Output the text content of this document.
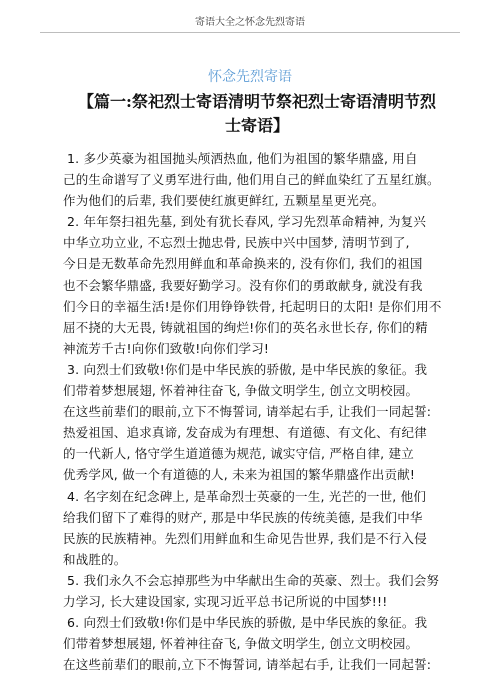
寄语大全之怀念先烈寄语
怀念先烈寄语
【篇一:祭祀烈士寄语清明节祭祀烈士寄语清明节烈
士寄语】
1. 多少英豪为祖国抛头颅洒热血, 他们为祖国的繁华鼎盛, 用自
己的生命谱写了义勇军进行曲, 他们用自己的鲜血染红了五星红旗。
作为他们的后辈, 我们要使红旗更鲜红, 五颗星星更光亮。
2. 年年祭扫祖先墓, 到处有犹长春风, 学习先烈革命精神, 为复兴
中华立功立业, 不忘烈士抛忠骨, 民族中兴中国梦, 清明节到了,
今日是无数革命先烈用鲜血和革命换来的, 没有你们, 我们的祖国
也不会繁华鼎盛, 我要好勤学习。没有你们的勇敢献身, 就没有我
们今日的幸福生活!是你们用铮铮铁骨, 托起明日的太阳! 是你们用不
屈不挠的大无畏, 铸就祖国的绚烂!你们的英名永世长存, 你们的精
神流芳千古!向你们致敬!向你们学习!
3. 向烈士们致敬!你们是中华民族的骄傲, 是中华民族的象征。我
们带着梦想展翅, 怀着神往奋飞, 争做文明学生, 创立文明校园。
在这些前辈们的眼前,立下不悔誓词, 请举起右手, 让我们一同起誓:
热爱祖国、追求真谛, 发奋成为有理想、有道德、有文化、有纪律
的一代新人, 恪守学生道道德为规范, 诚实守信, 严格自律, 建立
优秀学风, 做一个有道德的人, 未来为祖国的繁华鼎盛作出贡献!
4. 名字刻在纪念碑上, 是革命烈士英豪的一生, 光芒的一世, 他们
给我们留下了难得的财产, 那是中华民族的传统美德, 是我们中华
民族的民族精神。先烈们用鲜血和生命见告世界, 我们是不行入侵
和战胜的。
5. 我们永久不会忘掉那些为中华献出生命的英豪、烈士。我们会努
力学习, 长大建设国家, 实现习近平总书记所说的中国梦!!!
6. 向烈士们致敬!你们是中华民族的骄傲, 是中华民族的象征。我
们带着梦想展翅, 怀着神往奋飞, 争做文明学生, 创立文明校园。
在这些前辈们的眼前,立下不悔誓词, 请举起右手, 让我们一同起誓:
